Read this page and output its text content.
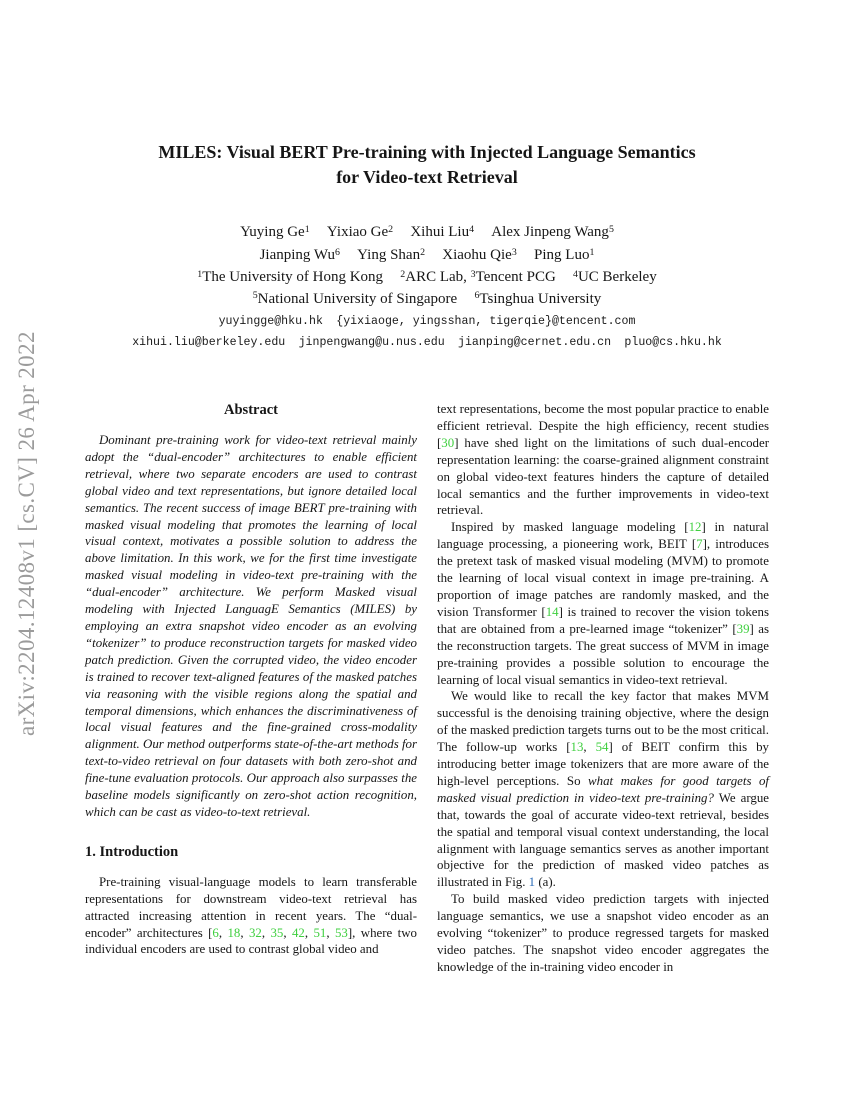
arXiv:2204.12408v1 [cs.CV] 26 Apr 2022
MILES: Visual BERT Pre-training with Injected Language Semantics
for Video-text Retrieval
Yuying Ge$^1$ Yixiao Ge$^2$ Xihui Liu$^4$ Alex Jinpeng Wang$^5$
Jianping Wu$^6$ Ying Shan$^2$ Xiaohu Qie$^3$ Ping Luo$^1$
$^1$The University of Hong Kong $^2$ARC Lab, $^3$Tencent PCG $^4$UC Berkeley
$^5$National University of Singapore $^6$Tsinghua University
yuyingge@hku.hk {yixiaoge, yingsshan, tigerqie}@tencent.com
xihui.liu@berkeley.edu jinpengwang@u.nus.edu jianping@cernet.edu.cn pluo@cs.hku.hk
Abstract

Dominant pre-training work for video-text retrieval mainly adopt the “dual-encoder” architectures to enable efficient retrieval, where two separate encoders are used to contrast global video and text representations, but ignore detailed local semantics. The recent success of image BERT pre-training with masked visual modeling that promotes the learning of local visual context, motivates a possible solution to address the above limitation. In this work, we for the first time investigate masked visual modeling in video-text pre-training with the “dual-encoder” architecture. We perform Masked visual modeling with Injected LanguagE Semantics (MILES) by employing an extra snapshot video encoder as an evolving “tokenizer” to produce reconstruction targets for masked video patch prediction. Given the corrupted video, the video encoder is trained to recover text-aligned features of the masked patches via reasoning with the visible regions along the spatial and temporal dimensions, which enhances the discriminativeness of local visual features and the fine-grained cross-modality alignment. Our method outperforms state-of-the-art methods for text-to-video retrieval on four datasets with both zero-shot and fine-tune evaluation protocols. Our approach also surpasses the baseline models significantly on zero-shot action recognition, which can be cast as video-to-text retrieval.

1. Introduction

Pre-training visual-language models to learn transferable representations for downstream video-text retrieval has attracted increasing attention in recent years. The “dual-encoder” architectures [6, 18, 32, 35, 42, 51, 53], where two individual encoders are used to contrast global video and

text representations, become the most popular practice to enable efficient retrieval. Despite the high efficiency, recent studies [30] have shed light on the limitations of such dual-encoder representation learning: the coarse-grained alignment constraint on global video-text features hinders the capture of detailed local semantics and the further improvements in video-text retrieval.

Inspired by masked language modeling [12] in natural language processing, a pioneering work, BEIT [7], introduces the pretext task of masked visual modeling (MVM) to promote the learning of local visual context in image pre-training. A proportion of image patches are randomly masked, and the vision Transformer [14] is trained to recover the vision tokens that are obtained from a pre-learned image “tokenizer” [39] as the reconstruction targets. The great success of MVM in image pre-training provides a possible solution to encourage the learning of local visual semantics in video-text retrieval.

We would like to recall the key factor that makes MVM successful is the denoising training objective, where the design of the masked prediction targets turns out to be the most critical. The follow-up works [13, 54] of BEIT confirm this by introducing better image tokenizers that are more aware of the high-level perceptions. So what makes for good targets of masked visual prediction in video-text pre-training? We argue that, towards the goal of accurate video-text retrieval, besides the spatial and temporal visual context understanding, the local alignment with language semantics serves as another important objective for the prediction of masked video patches as illustrated in Fig. 1 (a).

To build masked video prediction targets with injected language semantics, we use a snapshot video encoder as an evolving “tokenizer” to produce regressed targets for masked video patches. The snapshot video encoder aggregates the knowledge of the in-training video encoder in
